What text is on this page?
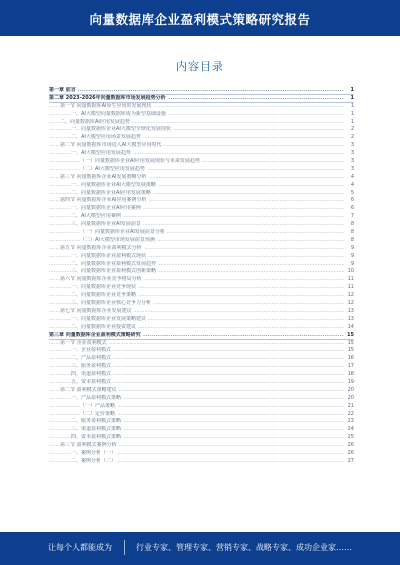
向量数据库企业盈利模式策略研究报告
内容目录
.....
第一章 前言	1
.....
第二章 2023-2026年向量数据库市场发展趋势分析	1
.....
第一节 向量数据库AI原生应用的发展现状	1
.....
一、AI大模型向量数据库成为新型基础设施	1
.....
二、向量数据库AI应用发展趋势	1
.....
一、向量数据库企业AI大模型全球化发展现状	2
.....
二、AI大模型应用场景发展趋势	2
.....
第二节 向量数据库市场进入AI大模型应用时代	3
.....
一、AI大模型应用发展趋势	3
.....
（一）向量数据库企业AI应用发展现状与未来发展趋势	3
.....
（二）AI大模型应用发展趋势	3
.....
第三节 向量数据库企业AI发展策略分析	4
.....
一、向量数据库企业AI大模型发展策略	4
.....
二、向量数据库企业AI应用发展策略	5
.....
第四节 向量数据库企业AI应用案例分析	6
.....
一、向量数据库企业AI应用案例	6
.....
二、AI大模型应用案例	7
.....
三、向量数据库企业AI发展前景	8
.....
（一）向量数据库企业AI发展前景分析	8
.....
（二）AI大模型市场发展前景预测	8
.....
第五节 向量数据库企业盈利模式分析	9
.....
一、向量数据库企业盈利模式现状	9
.....
二、向量数据库企业盈利模式发展趋势	9
.....
三、向量数据库企业盈利模式创新策略	10
.....
第六节 向量数据库企业竞争格局分析	11
.....
一、向量数据库企业竞争现状	11
.....
二、向量数据库企业竞争策略	12
.....
三、向量数据库企业核心竞争力分析	12
.....
第七节 向量数据库企业发展建议	13
.....
一、向量数据库企业发展策略建议	13
.....
二、向量数据库企业投资建议	14
.....
第三章 向量数据库企业盈利模式策略研究	15
.....
第一节 企业盈利模式	15
.....
一、企业盈利模式	15
.....
二、产品盈利模式	16
.....
三、服务盈利模式	17
.....
四、渠道盈利模式	18
.....
五、资本盈利模式	19
.....
第二节 盈利模式策略建议	20
.....
一、产品盈利模式策略	20
.....
（一）产品策略	21
.....
（二）定价策略	22
.....
二、服务盈利模式策略	23
.....
三、渠道盈利模式策略	24
.....
四、资本盈利模式策略	25
.....
第三节 盈利模式案例分析	26
.....
一、案例分析（一）	26
.....
二、案例分析（二）	27
让每个人都能成为	行业专家、管理专家、营销专家、战略专家、成功企业家……
